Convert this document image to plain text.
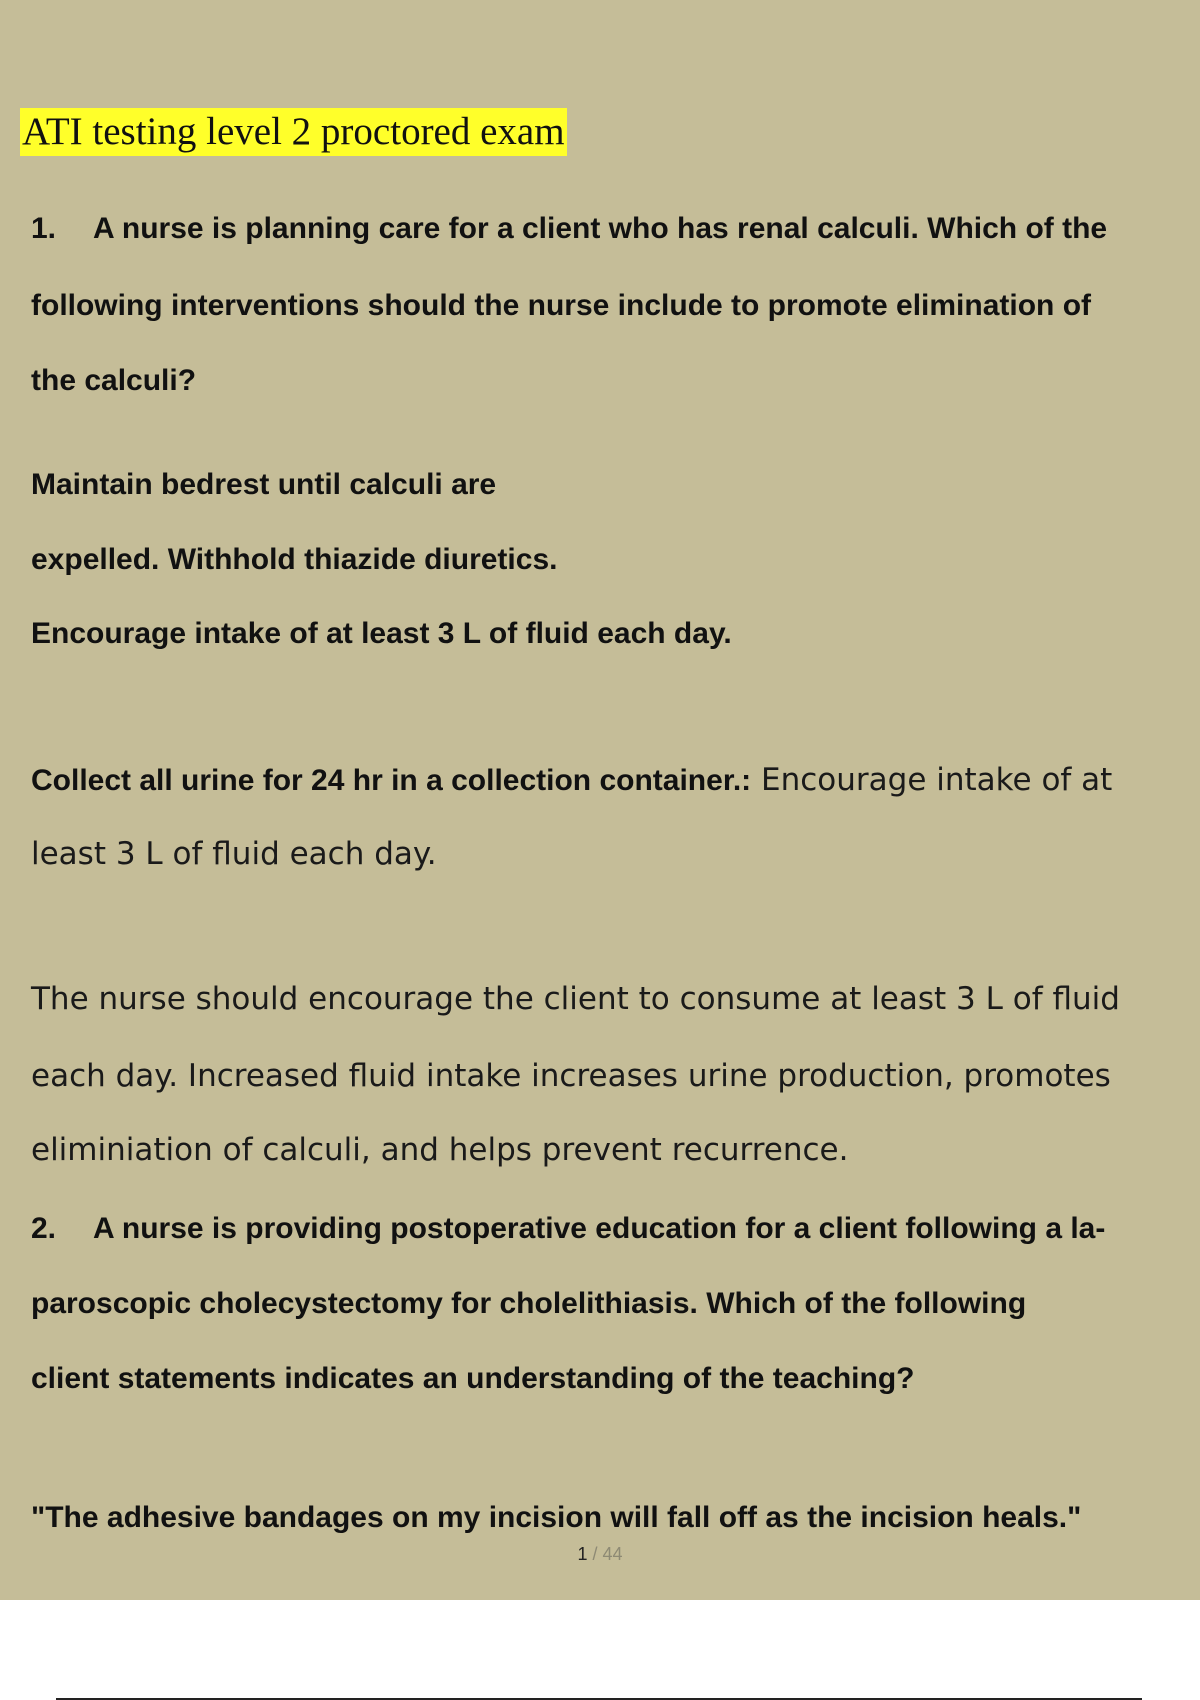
ATI testing level 2 proctored exam
1. A nurse is planning care for a client who has renal calculi. Which of the
following interventions should the nurse include to promote elimination of
the calculi?
Maintain bedrest until calculi are
expelled. Withhold thiazide diuretics.
Encourage intake of at least 3 L of fluid each day.
Collect all urine for 24 hr in a collection container.: Encourage intake of at
least 3 L of fluid each day.
The nurse should encourage the client to consume at least 3 L of fluid
each day. Increased fluid intake increases urine production, promotes
eliminiation of calculi, and helps prevent recurrence.
2. A nurse is providing postoperative education for a client following a la-
paroscopic cholecystectomy for cholelithiasis. Which of the following
client statements indicates an understanding of the teaching?
"The adhesive bandages on my incision will fall off as the incision heals."
1 / 44
